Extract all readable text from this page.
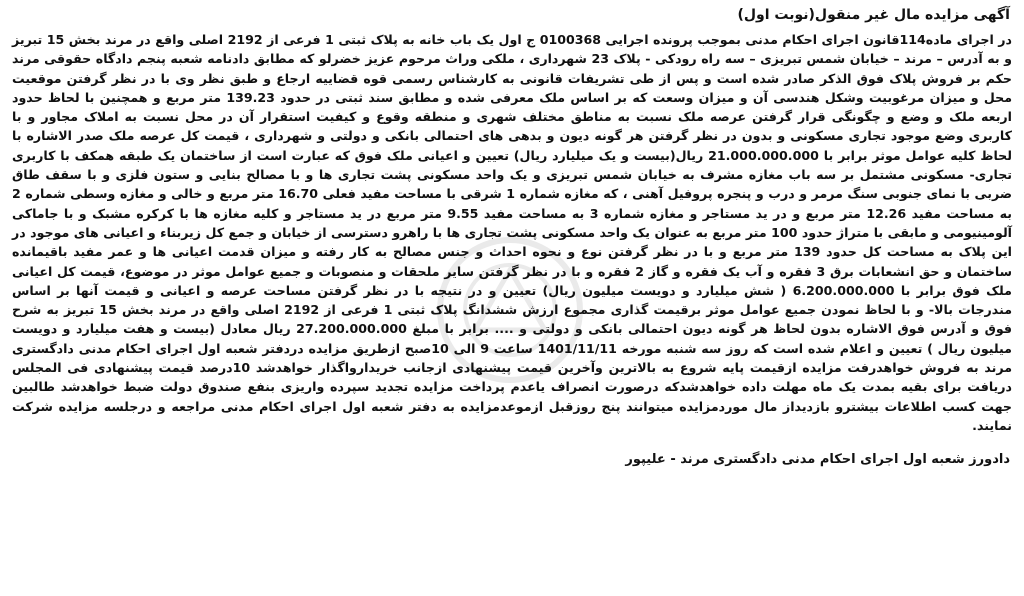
آگهی مزایده مال غیر منقول(نوبت اول)
در اجرای ماده114قانون اجرای احکام مدنی بموجب پرونده اجرایی 0100368 ج اول یک باب خانه به پلاک ثبتی 1 فرعی از 2192 اصلی واقع در مرند بخش 15 تبریز و به آدرس – مرند – خیابان شمس تبریزی – سه راه رودکی - پلاک 23 شهرداری ، ملکی وراث مرحوم عزیز خضرلو که مطابق دادنامه شعبه پنجم دادگاه حقوقی مرند حکم بر فروش پلاک فوق الذکر صادر شده است و پس از طی تشریفات قانونی به کارشناس رسمی قوه قضاییه ارجاع و طبق نظر وی با در نظر گرفتن موقعیت محل و میزان مرغوبیت وشکل هندسی آن و میزان وسعت که بر اساس ملک معرفی شده و مطابق سند ثبتی در حدود 139.23 متر مربع و همچنین با لحاظ حدود اربعه ملک و وضع و چگونگی قرار گرفتن عرصه ملک نسبت به مناطق مختلف شهری و منطقه وقوع و کیفیت استقرار آن در محل نسبت به املاک مجاور و با کاربری وضع موجود تجاری مسکونی و بدون در نظر گرفتن هر گونه دیون و بدهی های احتمالی بانکی و دولتی و شهرداری ، قیمت کل عرصه ملک صدر الاشاره با لحاظ کلیه عوامل موثر برابر با 21.000.000.000 ریال(بیست و یک میلیارد ریال) تعیین و اعیانی ملک فوق که عبارت است از ساختمان یک طبقه همکف با کاربری تجاری- مسکونی مشتمل بر سه باب مغازه مشرف به خیابان شمس تبریزی و یک واحد مسکونی پشت تجاری ها و با مصالح بنایی و ستون فلزی و با سقف طاق ضربی با نمای جنوبی سنگ مرمر و درب و پنجره پروفیل آهنی ، که مغازه شماره 1 شرقی با مساحت مفید فعلی 16.70 متر مربع و خالی و مغازه وسطی شماره 2 به مساحت مفید 12.26 متر مربع و در ید مستاجر و مغازه شماره 3 به مساحت مفید 9.55 متر مربع در ید مستاجر و کلیه مغازه ها با کرکره مشبک و با جاماکی آلومینیومی و مابقی با متراژ حدود 100 متر مربع به عنوان یک واحد مسکونی پشت تجاری ها با راهرو دسترسی از خیابان و جمع کل زیربناء و اعیانی های موجود در این پلاک به مساحت کل حدود 139 متر مربع و با در نظر گرفتن نوع و نحوه احداث و جنس مصالح به کار رفته و میزان قدمت اعیانی ها و عمر مفید باقیمانده ساختمان و حق انشعابات برق 3 فقره و آب یک فقره و گاز 2 فقره و با در نظر گرفتن سایر ملحقات و منصوبات و جمیع عوامل موثر در موضوع، قیمت کل اعیانی ملک فوق برابر با 6.200.000.000 ( شش میلیارد و دویست میلیون ریال) تعیین و در نتیجه با در نظر گرفتن مساحت عرصه و اعیانی و قیمت آنها بر اساس مندرجات بالا- و با لحاظ نمودن جمیع عوامل موثر برقیمت گذاری مجموع ارزش ششدانگ پلاک ثبتی 1 فرعی از 2192 اصلی واقع در مرند بخش 15 تبریز به شرح فوق و آدرس فوق الاشاره بدون لحاظ هر گونه دیون احتمالی بانکی و دولتی و .... برابر با مبلغ 27.200.000.000 ریال معادل (بیست و هفت میلیارد و دویست میلیون ریال ) تعیین و اعلام شده است که روز سه شنبه مورخه 1401/11/11 ساعت 9 الی 10صبح ازطریق مزایده دردفتر شعبه اول اجرای احکام مدنی دادگستری مرند به فروش خواهدرفت مزایده ازقیمت پایه شروع به بالاترین وآخرین قیمت پیشنهادی ازجانب خریدارواگذار خواهدشد 10درصد قیمت پیشنهادی فی المجلس دریافت برای بقیه بمدت یک ماه مهلت داده خواهدشدکه درصورت انصراف یاعدم پرداخت مزایده تجدید سپرده واریزی بنفع صندوق دولت ضبط خواهدشد طالبین جهت کسب اطلاعات بیشترو بازدیداز مال موردمزایده میتوانند پنج روزقبل ازموعدمزایده به دفتر شعبه اول اجرای احکام مدنی مراجعه و درجلسه مزایده شرکت نمایند.
دادورز شعبه اول اجرای احکام مدنی دادگستری مرند - علیپور
